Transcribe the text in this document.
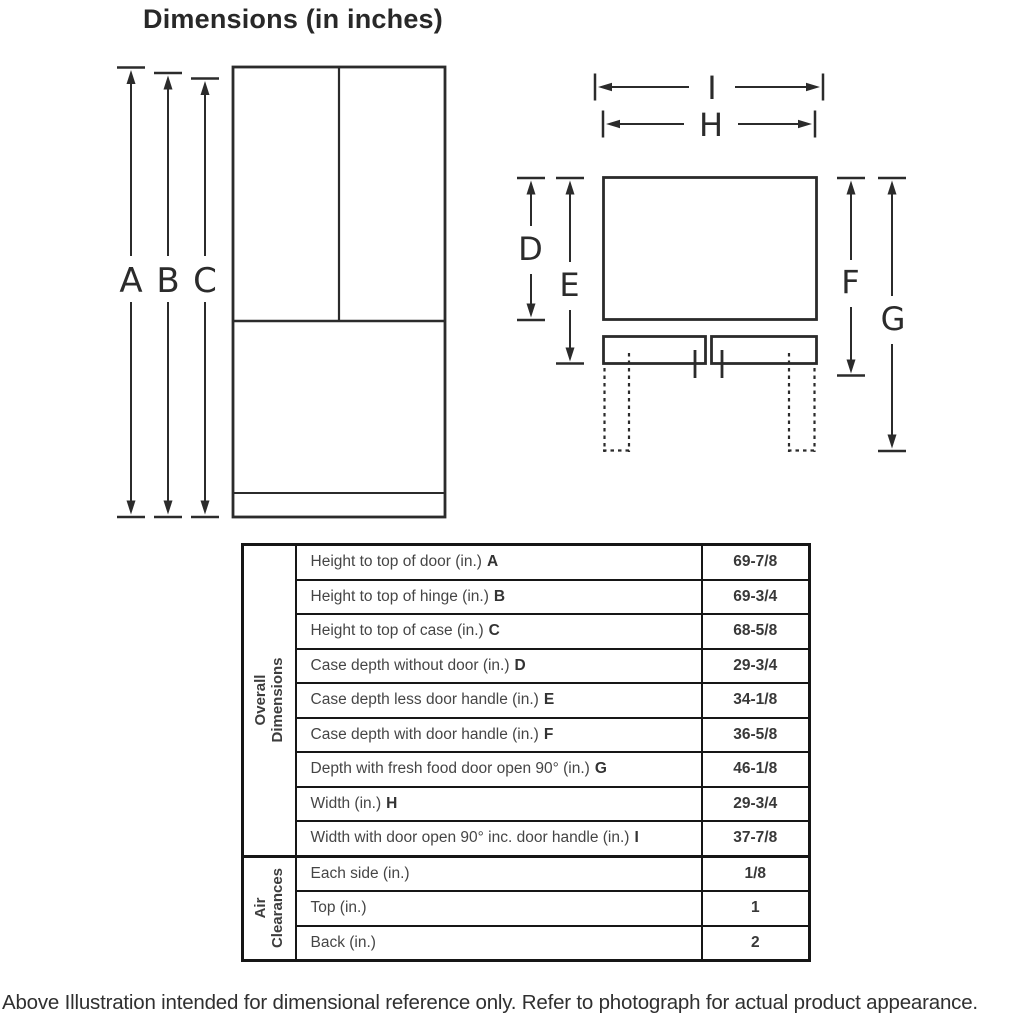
Dimensions (in inches)
A B C
I
H
D
E	F
G
Overall Dimensions	Height to top of door (in.) A	69-7/8
	Height to top of hinge (in.) B	69-3/4
	Height to top of case (in.) C	68-5/8
	Case depth without door (in.) D	29-3/4
	Case depth less door handle (in.) E	34-1/8
	Case depth with door handle (in.) F	36-5/8
	Depth with fresh food door open 90° (in.) G	46-1/8
	Width (in.) H	29-3/4
	Width with door open 90° inc. door handle (in.) I	37-7/8

Air Clearances	Each side (in.)	1/8
	Top (in.)	1
	Back (in.)	2
Above Illustration intended for dimensional reference only. Refer to photograph for actual product appearance.
